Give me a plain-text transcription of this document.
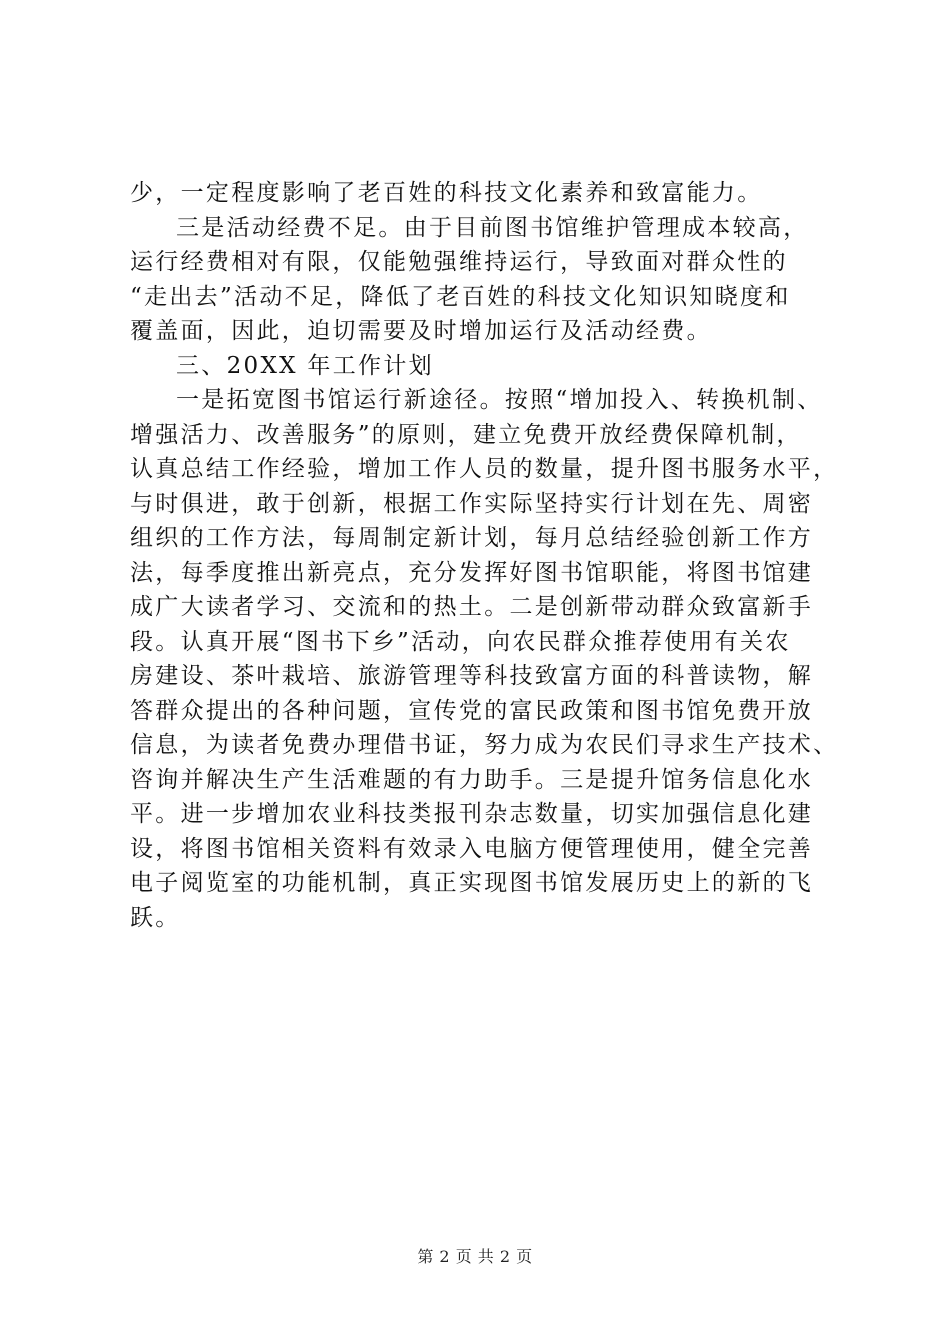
少，一定程度影响了老百姓的科技文化素养和致富能力。
三是活动经费不足。由于目前图书馆维护管理成本较高，
运行经费相对有限，仅能勉强维持运行，导致面对群众性的
“走出去”活动不足，降低了老百姓的科技文化知识知晓度和
覆盖面，因此，迫切需要及时增加运行及活动经费。
三、20XX 年工作计划
一是拓宽图书馆运行新途径。按照“增加投入、转换机制、
增强活力、改善服务”的原则，建立免费开放经费保障机制，
认真总结工作经验，增加工作人员的数量，提升图书服务水平，
与时俱进，敢于创新，根据工作实际坚持实行计划在先、周密
组织的工作方法，每周制定新计划，每月总结经验创新工作方
法，每季度推出新亮点，充分发挥好图书馆职能，将图书馆建
成广大读者学习、交流和的热土。二是创新带动群众致富新手
段。认真开展“图书下乡”活动，向农民群众推荐使用有关农
房建设、茶叶栽培、旅游管理等科技致富方面的科普读物，解
答群众提出的各种问题，宣传党的富民政策和图书馆免费开放
信息，为读者免费办理借书证，努力成为农民们寻求生产技术、
咨询并解决生产生活难题的有力助手。三是提升馆务信息化水
平。进一步增加农业科技类报刊杂志数量，切实加强信息化建
设，将图书馆相关资料有效录入电脑方便管理使用，健全完善
电子阅览室的功能机制，真正实现图书馆发展历史上的新的飞
跃。
第 2 页 共 2 页
